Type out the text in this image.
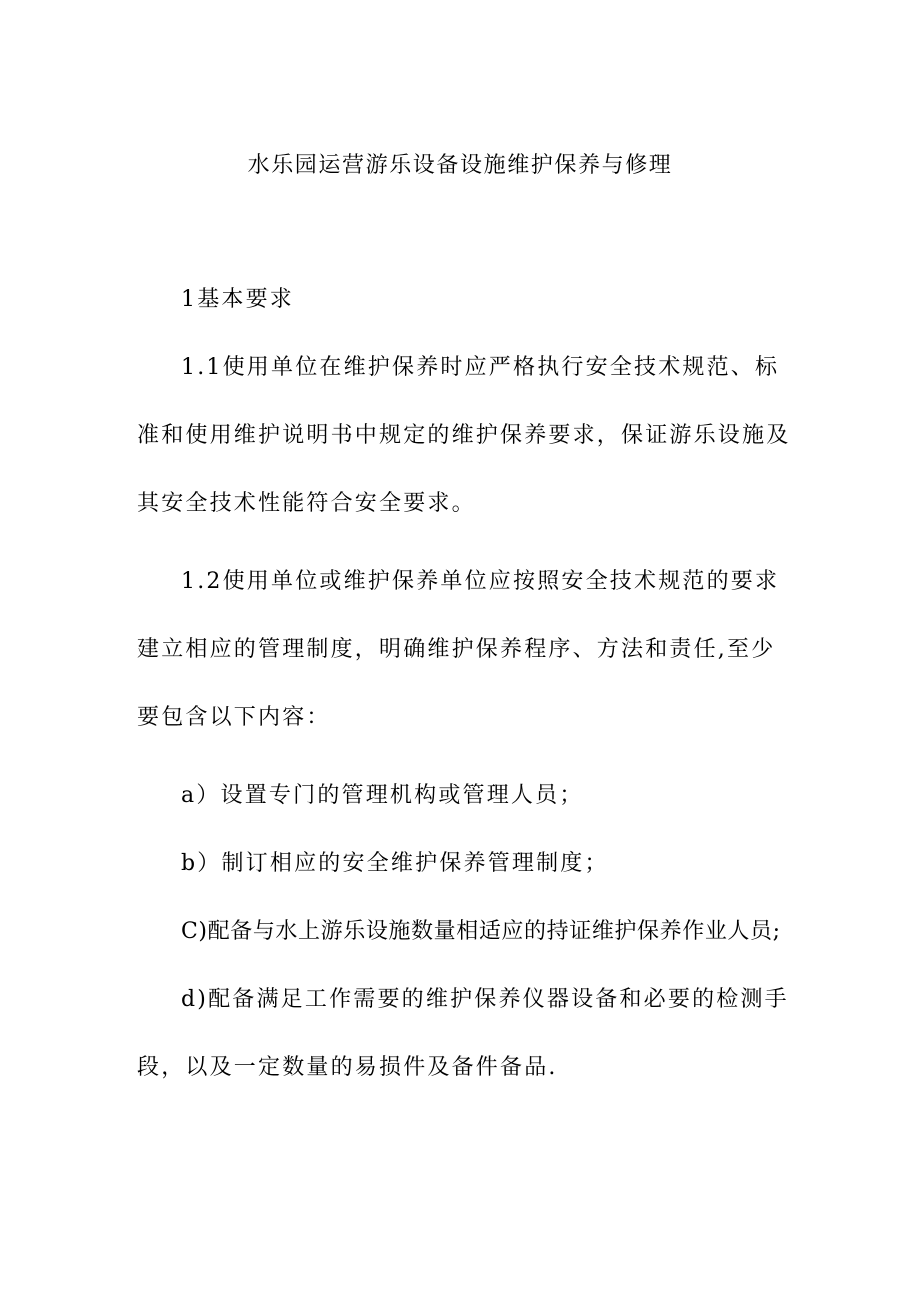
水乐园运营游乐设备设施维护保养与修理

1基本要求

1.1使用单位在维护保养时应严格执行安全技术规范、标准和使用维护说明书中规定的维护保养要求，保证游乐设施及其安全技术性能符合安全要求。

1.2使用单位或维护保养单位应按照安全技术规范的要求建立相应的管理制度，明确维护保养程序、方法和责任,至少要包含以下内容：

a）设置专门的管理机构或管理人员；

b）制订相应的安全维护保养管理制度；

C)配备与水上游乐设施数量相适应的持证维护保养作业人员;

d)配备满足工作需要的维护保养仪器设备和必要的检测手段，以及一定数量的易损件及备件备品.
